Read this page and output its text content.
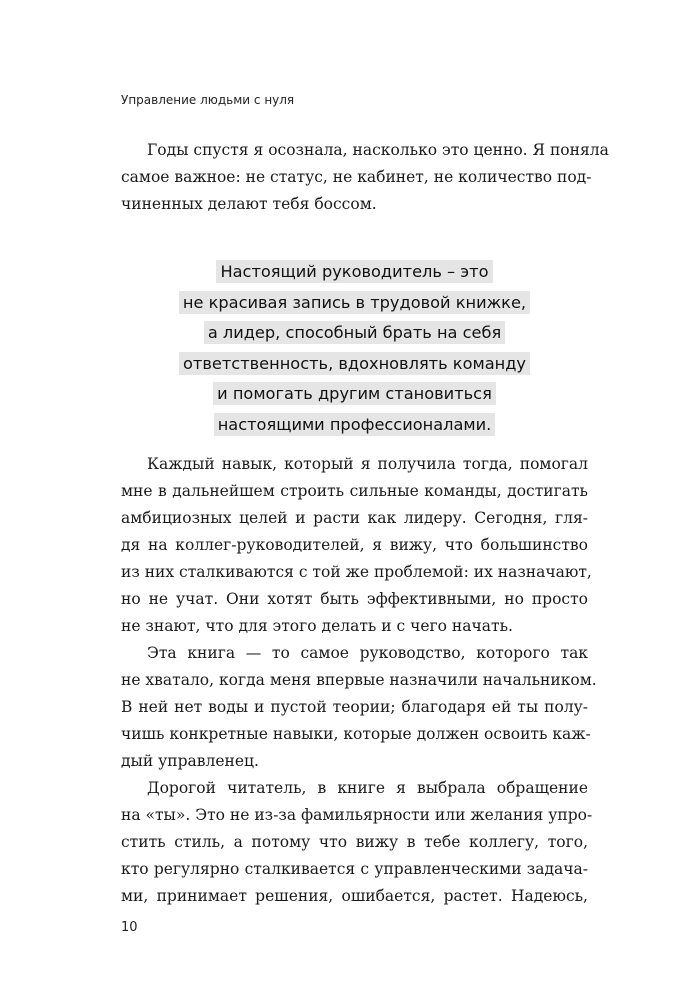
Управление людьми с нуля
Годы спустя я осознала, насколько это ценно. Я поняла
самое важное: не статус, не кабинет, не количество под-
чиненных делают тебя боссом.
Настоящий руководитель – это
не красивая запись в трудовой книжке,
а лидер, способный брать на себя
ответственность, вдохновлять команду
и помогать другим становиться
настоящими профессионалами.
Каждый навык, который я получила тогда, помогал
мне в дальнейшем строить сильные команды, достигать
амбициозных целей и расти как лидеру. Сегодня, гля-
дя на коллег-руководителей, я вижу, что большинство
из них сталкиваются с той же проблемой: их назначают,
но не учат. Они хотят быть эффективными, но просто
не знают, что для этого делать и с чего начать.
Эта книга — то самое руководство, которого так
не хватало, когда меня впервые назначили начальником.
В ней нет воды и пустой теории; благодаря ей ты полу-
чишь конкретные навыки, которые должен освоить каж-
дый управленец.
Дорогой читатель, в книге я выбрала обращение
на «ты». Это не из-за фамильярности или желания упро-
стить стиль, а потому что вижу в тебе коллегу, того,
кто регулярно сталкивается с управленческими задача-
ми, принимает решения, ошибается, растет. Надеюсь,
10
